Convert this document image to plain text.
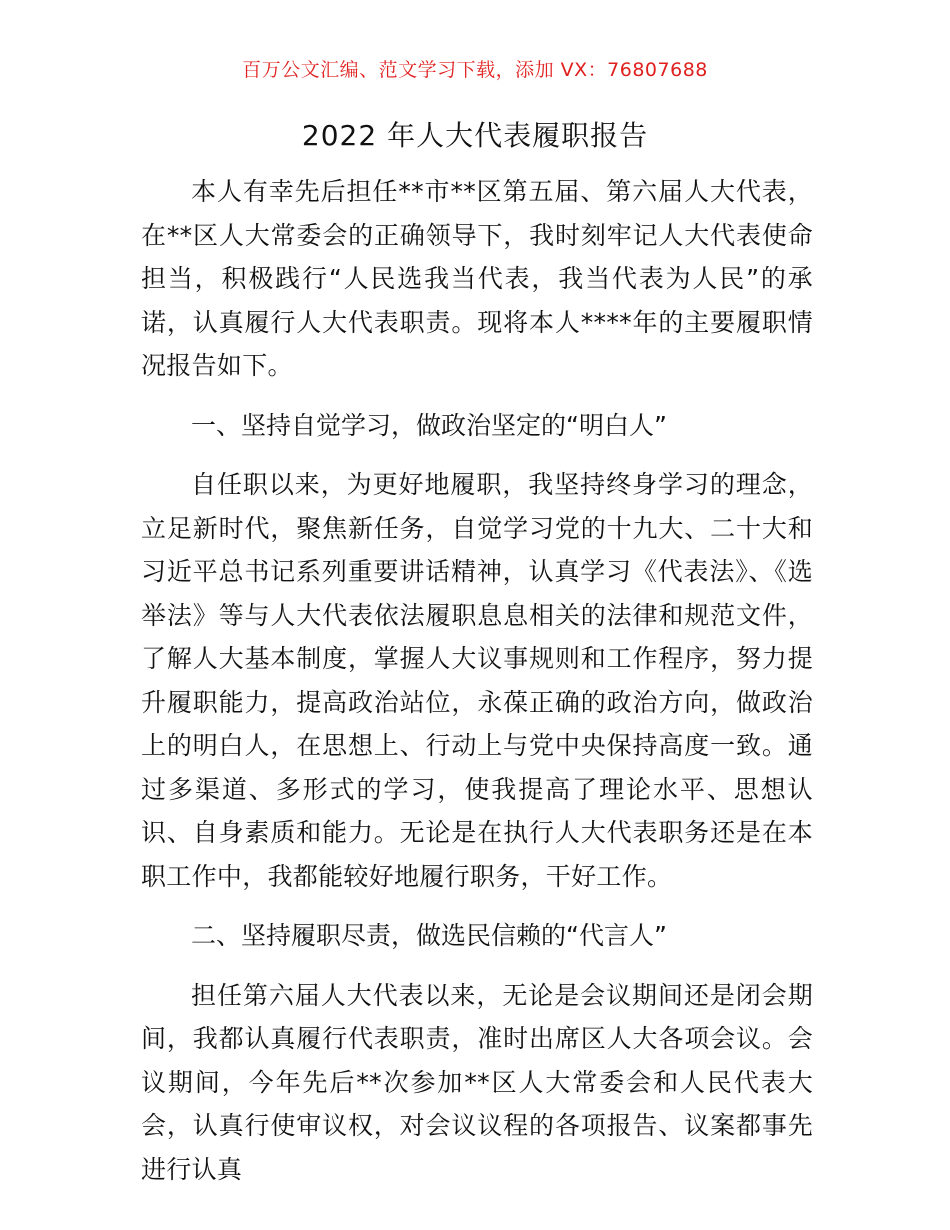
百万公文汇编、范文学习下载，添加 VX：76807688
2022 年人大代表履职报告

本人有幸先后担任**市**区第五届、第六届人大代表，在**区人大常委会的正确领导下，我时刻牢记人大代表使命担当，积极践行“人民选我当代表，我当代表为人民”的承诺，认真履行人大代表职责。现将本人****年的主要履职情况报告如下。

一、坚持自觉学习，做政治坚定的“明白人”

自任职以来，为更好地履职，我坚持终身学习的理念，立足新时代，聚焦新任务，自觉学习党的十九大、二十大和习近平总书记系列重要讲话精神，认真学习《代表法》、《选举法》等与人大代表依法履职息息相关的法律和规范文件，了解人大基本制度，掌握人大议事规则和工作程序，努力提升履职能力，提高政治站位，永葆正确的政治方向，做政治上的明白人，在思想上、行动上与党中央保持高度一致。通过多渠道、多形式的学习，使我提高了理论水平、思想认识、自身素质和能力。无论是在执行人大代表职务还是在本职工作中，我都能较好地履行职务，干好工作。

二、坚持履职尽责，做选民信赖的“代言人”

担任第六届人大代表以来，无论是会议期间还是闭会期间，我都认真履行代表职责，准时出席区人大各项会议。会议期间，今年先后**次参加**区人大常委会和人民代表大会，认真行使审议权，对会议议程的各项报告、议案都事先进行认真
